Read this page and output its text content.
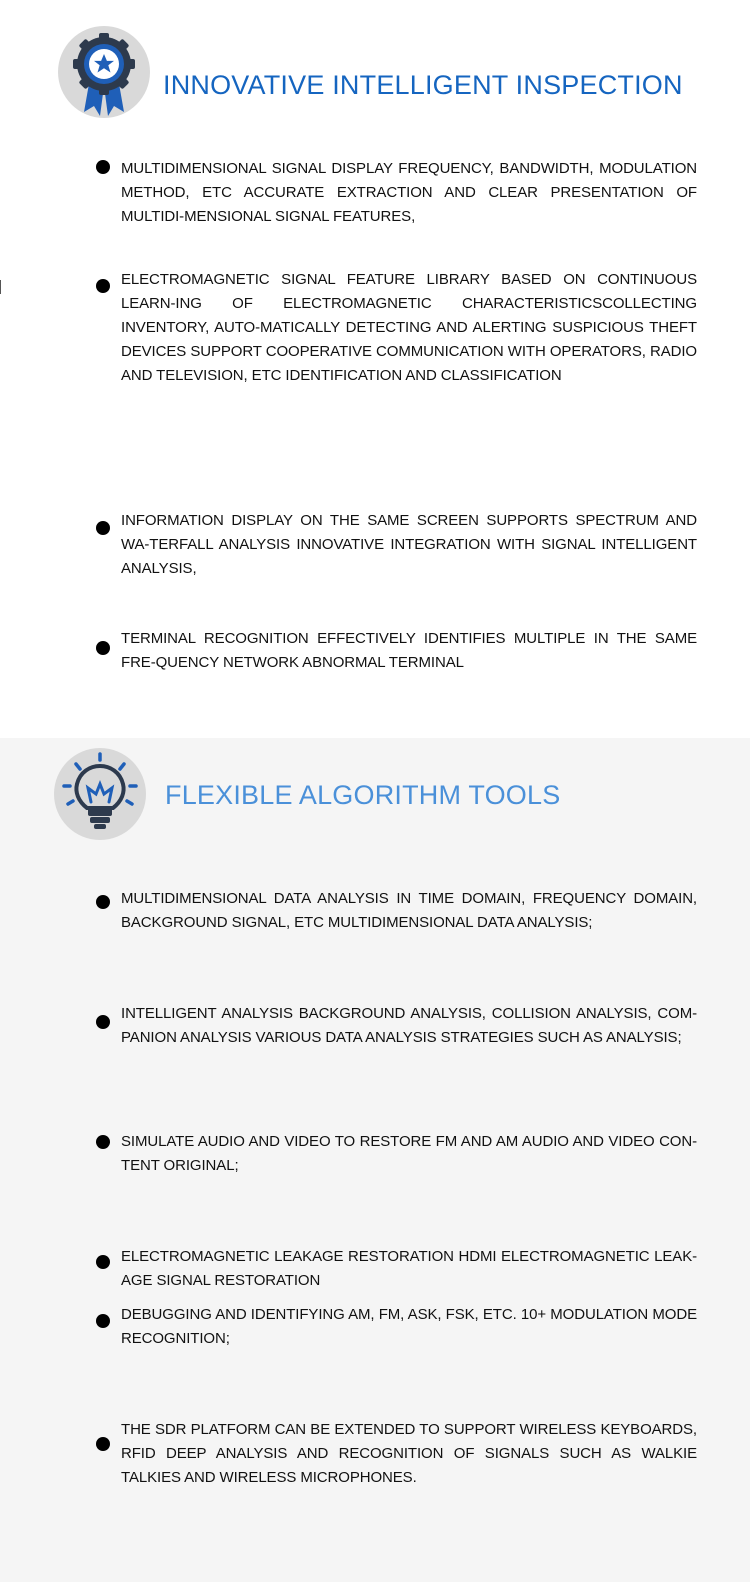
INNOVATIVE INTELLIGENT INSPECTION

MULTIDIMENSIONAL SIGNAL DISPLAY FREQUENCY, BANDWIDTH, MODULATION METHOD, ETC ACCURATE EXTRACTION AND CLEAR PRESENTATION OF MULTIDI-MENSIONAL SIGNAL FEATURES,

ELECTROMAGNETIC SIGNAL FEATURE LIBRARY BASED ON CONTINUOUS LEARN-ING OF ELECTROMAGNETIC CHARACTERISTICSCOLLECTING INVENTORY, AUTO-MATICALLY DETECTING AND ALERTING SUSPICIOUS THEFT DEVICES SUPPORT COOPERATIVE COMMUNICATION WITH OPERATORS, RADIO AND TELEVISION, ETC IDENTIFICATION AND CLASSIFICATION

INFORMATION DISPLAY ON THE SAME SCREEN SUPPORTS SPECTRUM AND WA-TERFALL ANALYSIS INNOVATIVE INTEGRATION WITH SIGNAL INTELLIGENT ANALYSIS,

TERMINAL RECOGNITION EFFECTIVELY IDENTIFIES MULTIPLE IN THE SAME FRE-QUENCY NETWORK ABNORMAL TERMINAL

FLEXIBLE ALGORITHM TOOLS

MULTIDIMENSIONAL DATA ANALYSIS IN TIME DOMAIN, FREQUENCY DOMAIN, BACKGROUND SIGNAL, ETC MULTIDIMENSIONAL DATA ANALYSIS;

INTELLIGENT ANALYSIS BACKGROUND ANALYSIS, COLLISION ANALYSIS, COM-PANION ANALYSIS VARIOUS DATA ANALYSIS STRATEGIES SUCH AS ANALYSIS;

SIMULATE AUDIO AND VIDEO TO RESTORE FM AND AM AUDIO AND VIDEO CON-TENT ORIGINAL;

ELECTROMAGNETIC LEAKAGE RESTORATION HDMI ELECTROMAGNETIC LEAK-AGE SIGNAL RESTORATION

DEBUGGING AND IDENTIFYING AM, FM, ASK, FSK, ETC. 10+ MODULATION MODE RECOGNITION;

THE SDR PLATFORM CAN BE EXTENDED TO SUPPORT WIRELESS KEYBOARDS, RFID DEEP ANALYSIS AND RECOGNITION OF SIGNALS SUCH AS WALKIE TALKIES AND WIRELESS MICROPHONES.
